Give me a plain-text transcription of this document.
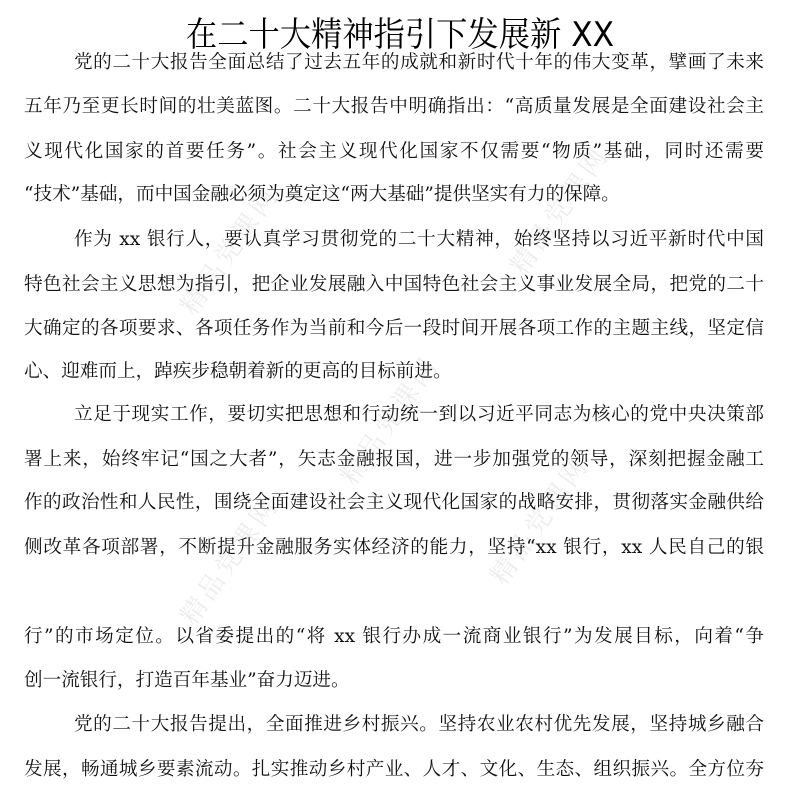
精品党课网	精品党课网
精品党课网	精品党课网
精品党课网
在二十大精神指引下发展新 XX
党的二十大报告全面总结了过去五年的成就和新时代十年的伟大变革，擘画了未来
五年乃至更长时间的壮美蓝图。二十大报告中明确指出：“高质量发展是全面建设社会主
义现代化国家的首要任务”。社会主义现代化国家不仅需要“物质”基础，同时还需要
“技术”基础，而中国金融必须为奠定这“两大基础”提供坚实有力的保障。
作为 xx 银行人，要认真学习贯彻党的二十大精神，始终坚持以习近平新时代中国
特色社会主义思想为指引，把企业发展融入中国特色社会主义事业发展全局，把党的二十
大确定的各项要求、各项任务作为当前和今后一段时间开展各项工作的主题主线，坚定信
心、迎难而上，踔疾步稳朝着新的更高的目标前进。
立足于现实工作，要切实把思想和行动统一到以习近平同志为核心的党中央决策部
署上来，始终牢记“国之大者”，矢志金融报国，进一步加强党的领导，深刻把握金融工
作的政治性和人民性，围绕全面建设社会主义现代化国家的战略安排，贯彻落实金融供给
侧改革各项部署，不断提升金融服务实体经济的能力，坚持“xx 银行，xx 人民自己的银
行”的市场定位。以省委提出的“将 xx 银行办成一流商业银行”为发展目标，向着“争
创一流银行，打造百年基业”奋力迈进。
党的二十大报告提出，全面推进乡村振兴。坚持农业农村优先发展，坚持城乡融合
发展，畅通城乡要素流动。扎实推动乡村产业、人才、文化、生态、组织振兴。全方位夯
